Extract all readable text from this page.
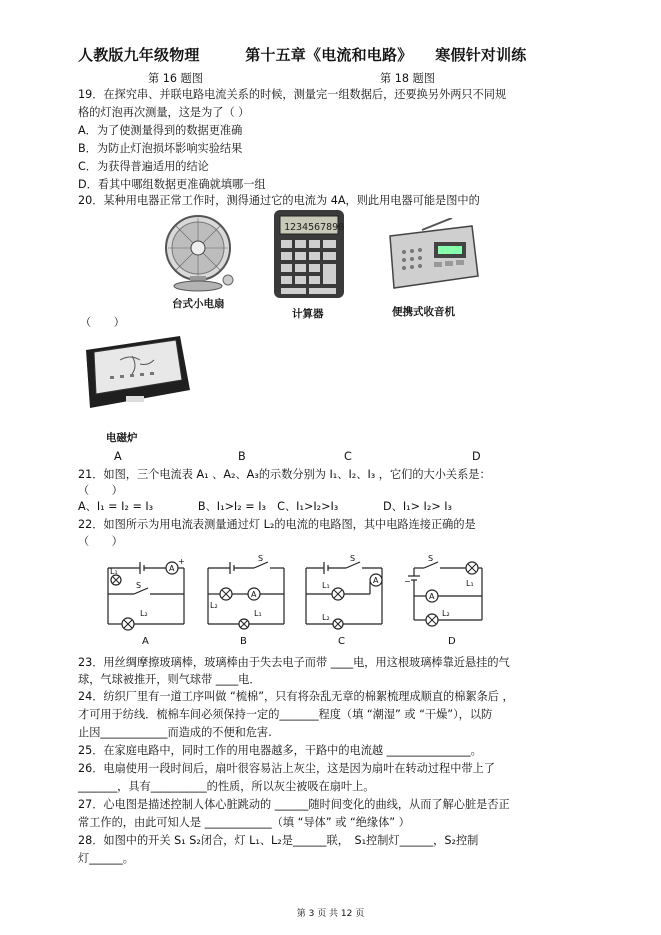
人教版九年级物理　　　第十五章《电流和电路》　　寒假针对训练
第 16 题图	第 18 题图
19．在探究串、并联电路电流关系的时候，测量完一组数据后，还要换另外两只不同规
格的灯泡再次测量，这是为了（ ）
A．为了使测量得到的数据更准确
B．为防止灯泡损坏影响实验结果
C．为获得普遍适用的结论
D．看其中哪组数据更准确就填哪一组
20．某种用电器正常工作时，测得通过它的电流为 4A，则此用电器可能是图中的
台式小电扇
1234567890
计算器	便携式收音机
（　　）
电磁炉
A	B	C	D
21．如图，三个电流表 A₁ 、A₂、A₃的示数分别为 I₁、I₂、I₃ ，它们的大小关系是：
（　　）
A、I₁ = I₂ = I₃　　　　B、I₁>I₂ = I₃　C、I₁>I₂>I₃　　　　D、I₁> I₂> I₃
22．如图所示为用电流表测量通过灯 L₂的电流的电路图，其中电路连接正确的是
（　　）
A
+
L₁
S
L₂
A
A
S
L₂
L₁
B
A
S
L₁
L₂
C
A
S
L₁
L₂
−
D
23．用丝绸摩擦玻璃棒，玻璃棒由于失去电子而带 ____电，用这根玻璃棒靠近悬挂的气
球，气球被推开，则气球带 ____电．
24．纺织厂里有一道工序叫做 “梳棉”，只有将杂乱无章的棉絮梳理成顺直的棉絮条后 ，
才可用于纺线．梳棉车间必须保持一定的_______程度（填 “潮湿” 或 “干燥”），以防
止因____________而造成的不便和危害.
25．在家庭电路中，同时工作的用电器越多，干路中的电流越 _______________。
26．电扇使用一段时间后，扇叶很容易沾上灰尘，这是因为扇叶在转动过程中带上了
_______，具有__________的性质，所以灰尘被吸在扇叶上。
27．心电图是描述控制人体心脏跳动的 ______随时间变化的曲线，从而了解心脏是否正
常工作的，由此可知人是 ____________（填 “导体” 或 “绝缘体” ）
28．如图中的开关 S₁ S₂闭合，灯 L₁、L₂是______联，　S₁控制灯______，S₂控制
灯______。
第 3 页 共 12 页
